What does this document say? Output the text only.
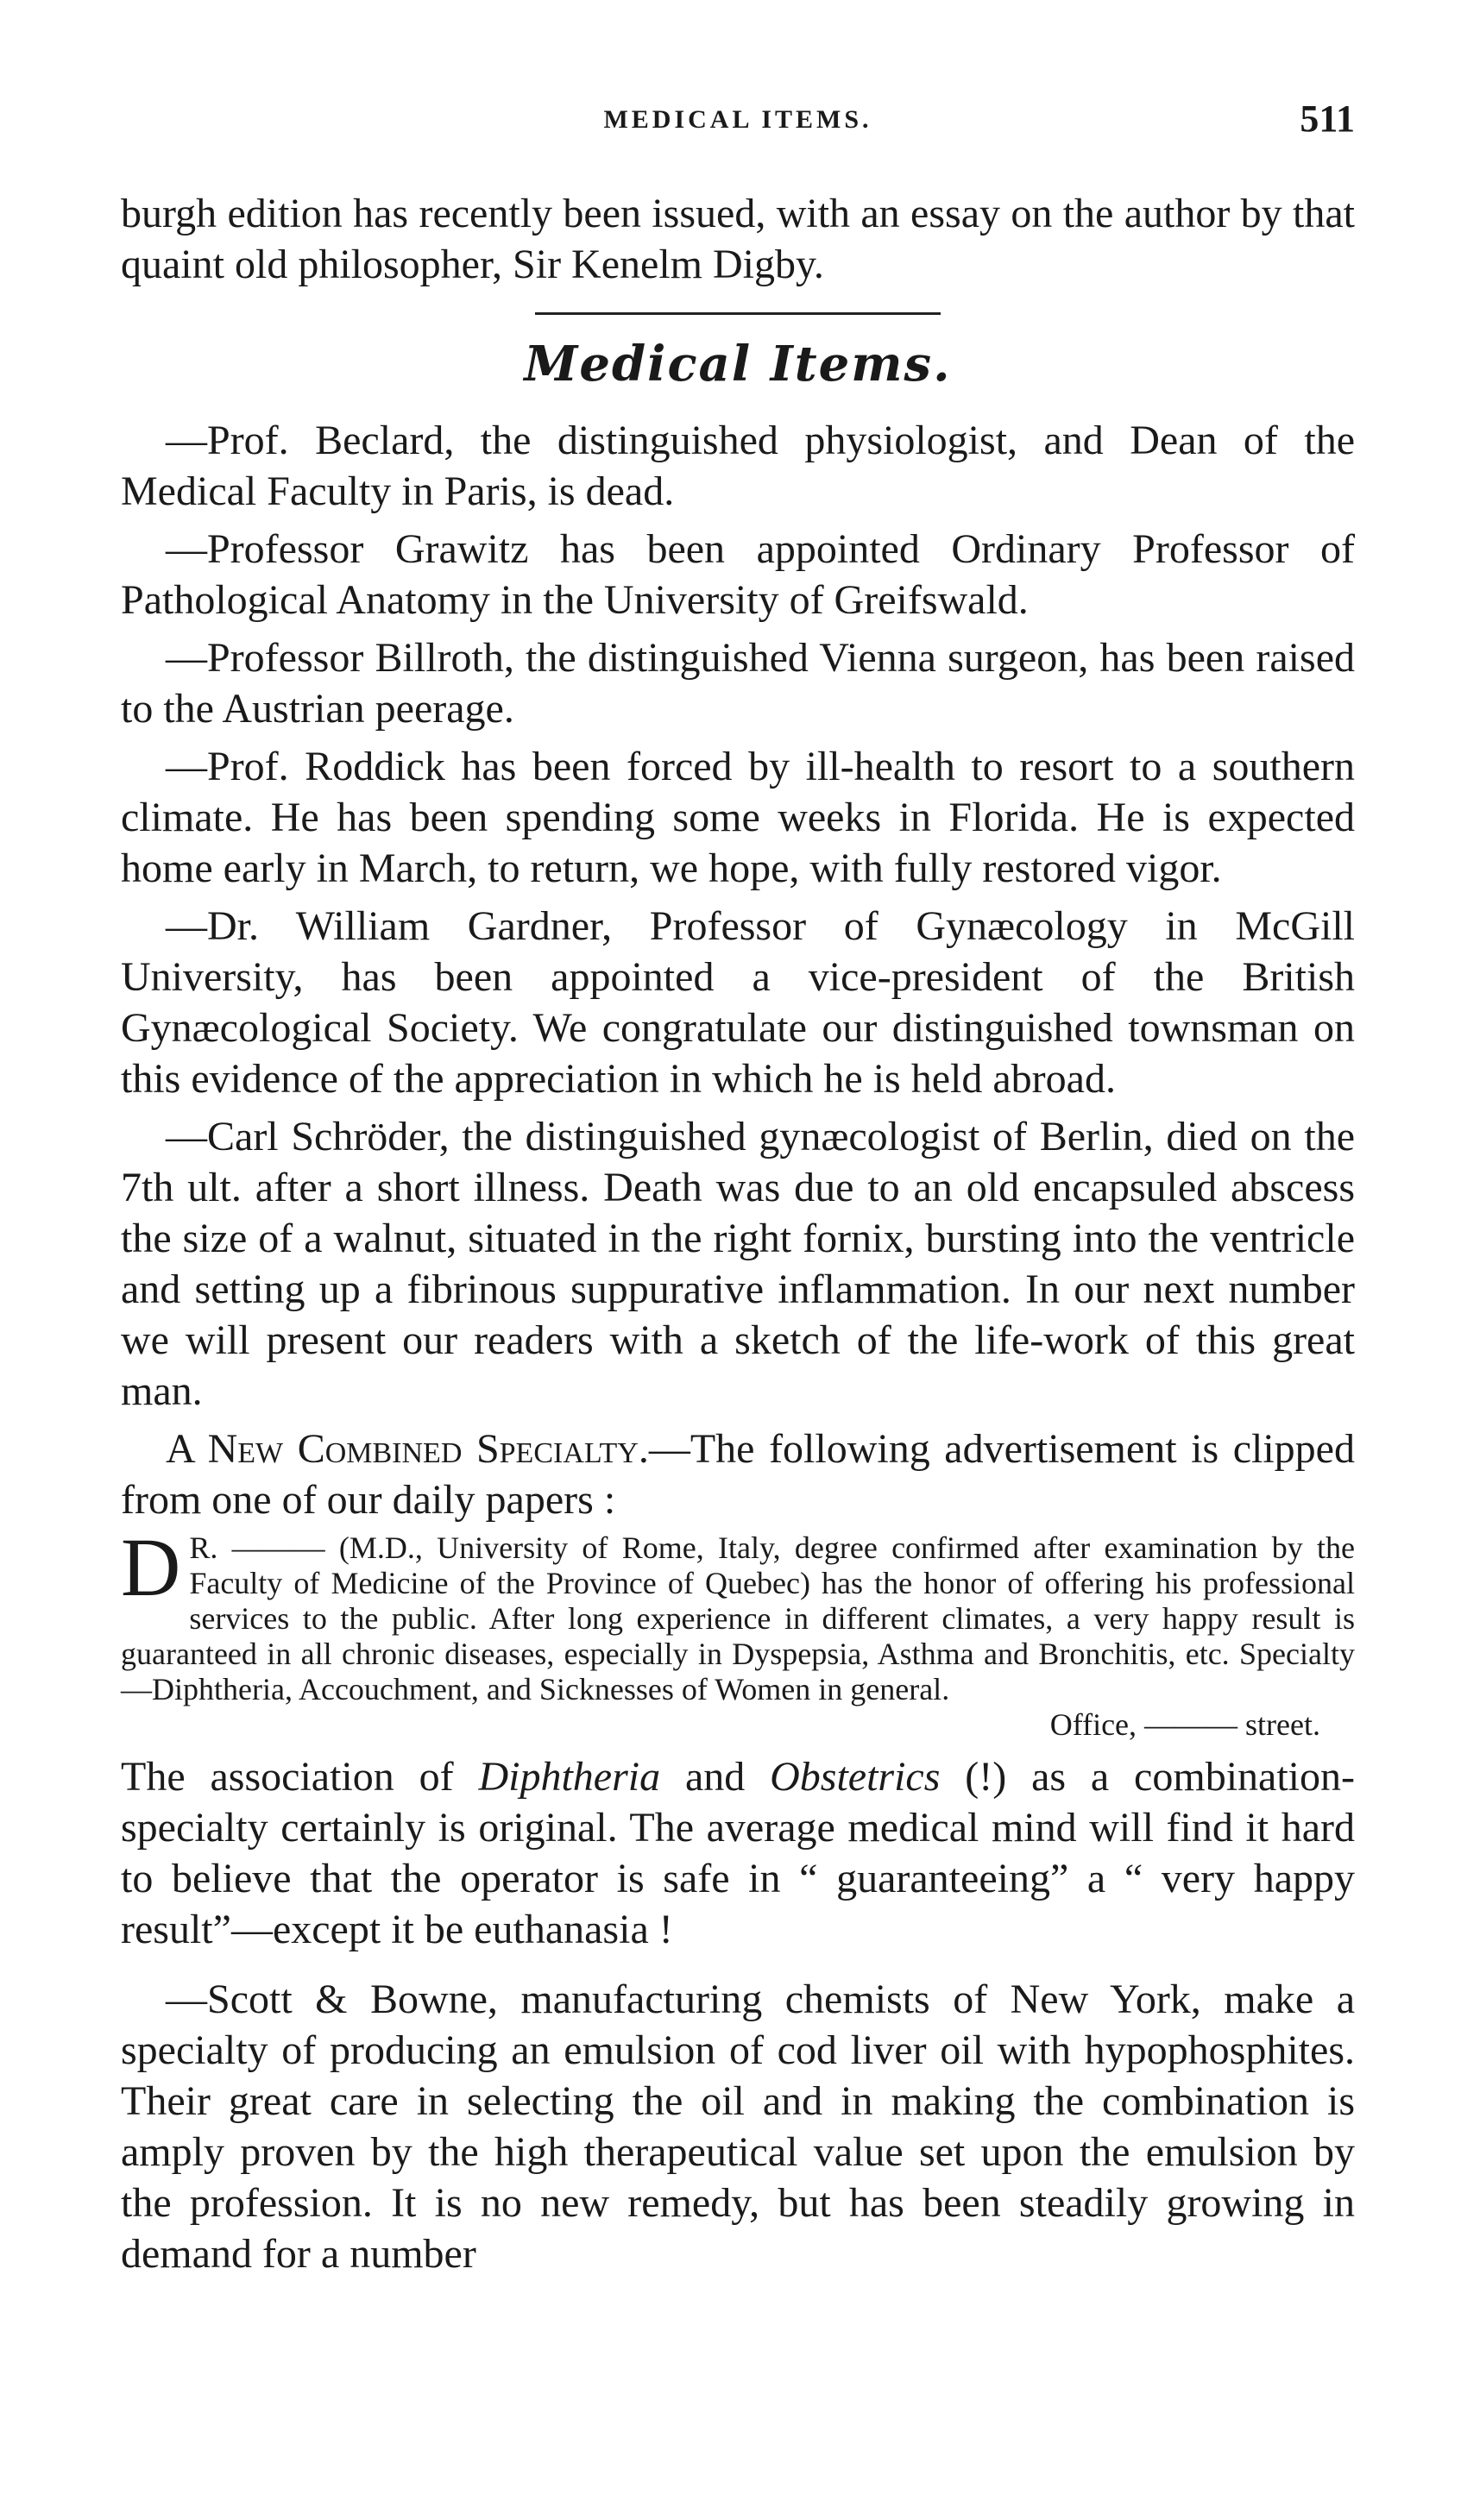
MEDICAL ITEMS.	511

burgh edition has recently been issued, with an essay on the author by that quaint old philosopher, Sir Kenelm Digby.

Medical Items.

—Prof. Beclard, the distinguished physiologist, and Dean of the Medical Faculty in Paris, is dead.

—Professor Grawitz has been appointed Ordinary Professor of Pathological Anatomy in the University of Greifswald.

—Professor Billroth, the distinguished Vienna surgeon, has been raised to the Austrian peerage.

—Prof. Roddick has been forced by ill-health to resort to a southern climate. He has been spending some weeks in Florida. He is expected home early in March, to return, we hope, with fully restored vigor.

—Dr. William Gardner, Professor of Gynæcology in McGill University, has been appointed a vice-president of the British Gynæcological Society. We congratulate our distinguished townsman on this evidence of the appreciation in which he is held abroad.

—Carl Schröder, the distinguished gynæcologist of Berlin, died on the 7th ult. after a short illness. Death was due to an old encapsuled abscess the size of a walnut, situated in the right fornix, bursting into the ventricle and setting up a fibrinous suppurative inflammation. In our next number we will present our readers with a sketch of the life-work of this great man.

A New Combined Specialty.—The following advertisement is clipped from one of our daily papers :

D R. ——— (M.D., University of Rome, Italy, degree confirmed after examination by the Faculty of Medicine of the Province of Quebec) has the honor of offering his professional services to the public. After long experience in different climates, a very happy result is guaranteed in all chronic diseases, especially in Dyspepsia, Asthma and Bronchitis, etc. Specialty—Diphtheria, Accouchment, and Sicknesses of Women in general.

Office, ——— street.

The association of Diphtheria and Obstetrics (!) as a combination-specialty certainly is original. The average medical mind will find it hard to believe that the operator is safe in “ guaranteeing” a “ very happy result”—except it be euthanasia !

—Scott & Bowne, manufacturing chemists of New York, make a specialty of producing an emulsion of cod liver oil with hypophosphites. Their great care in selecting the oil and in making the combination is amply proven by the high therapeutical value set upon the emulsion by the profession. It is no new remedy, but has been steadily growing in demand for a number
